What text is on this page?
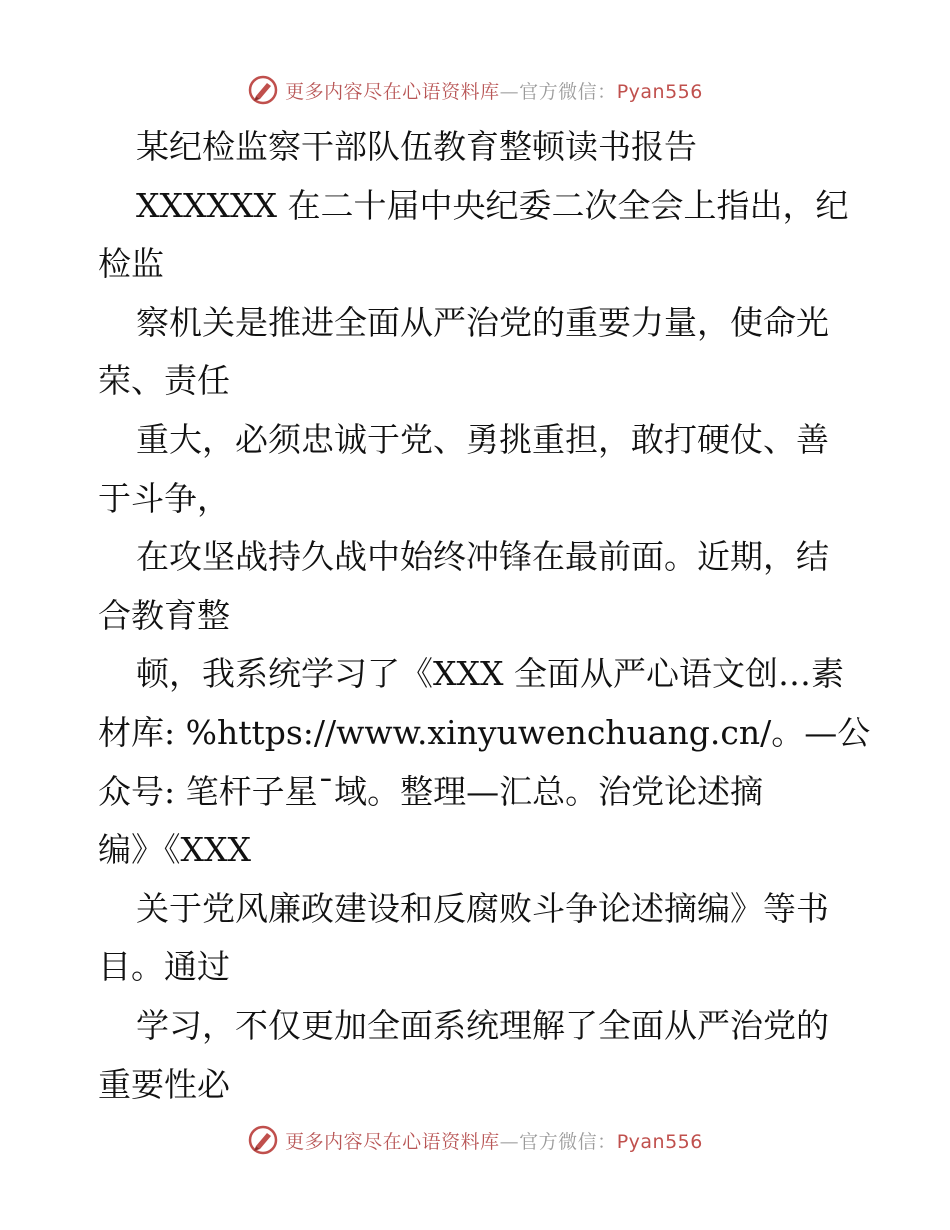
更多内容尽在心语资料库—官方微信：Pyan556

某纪检监察干部队伍教育整顿读书报告

XXXXXX 在二十届中央纪委二次全会上指出，纪

检监

察机关是推进全面从严治党的重要力量，使命光

荣、责任

重大，必须忠诚于党、勇挑重担，敢打硬仗、善

于斗争，

在攻坚战持久战中始终冲锋在最前面。近期，结

合教育整

顿，我系统学习了《XXX 全面从严心语文创…素

材库: %https://www.xinyuwenchuang.cn/。—公

众号: 笔杆子星¯域。整理—汇总。治党论述摘

编》《XXX

关于党风廉政建设和反腐败斗争论述摘编》等书

目。通过

学习，不仅更加全面系统理解了全面从严治党的

重要性必

更多内容尽在心语资料库—官方微信：Pyan556
